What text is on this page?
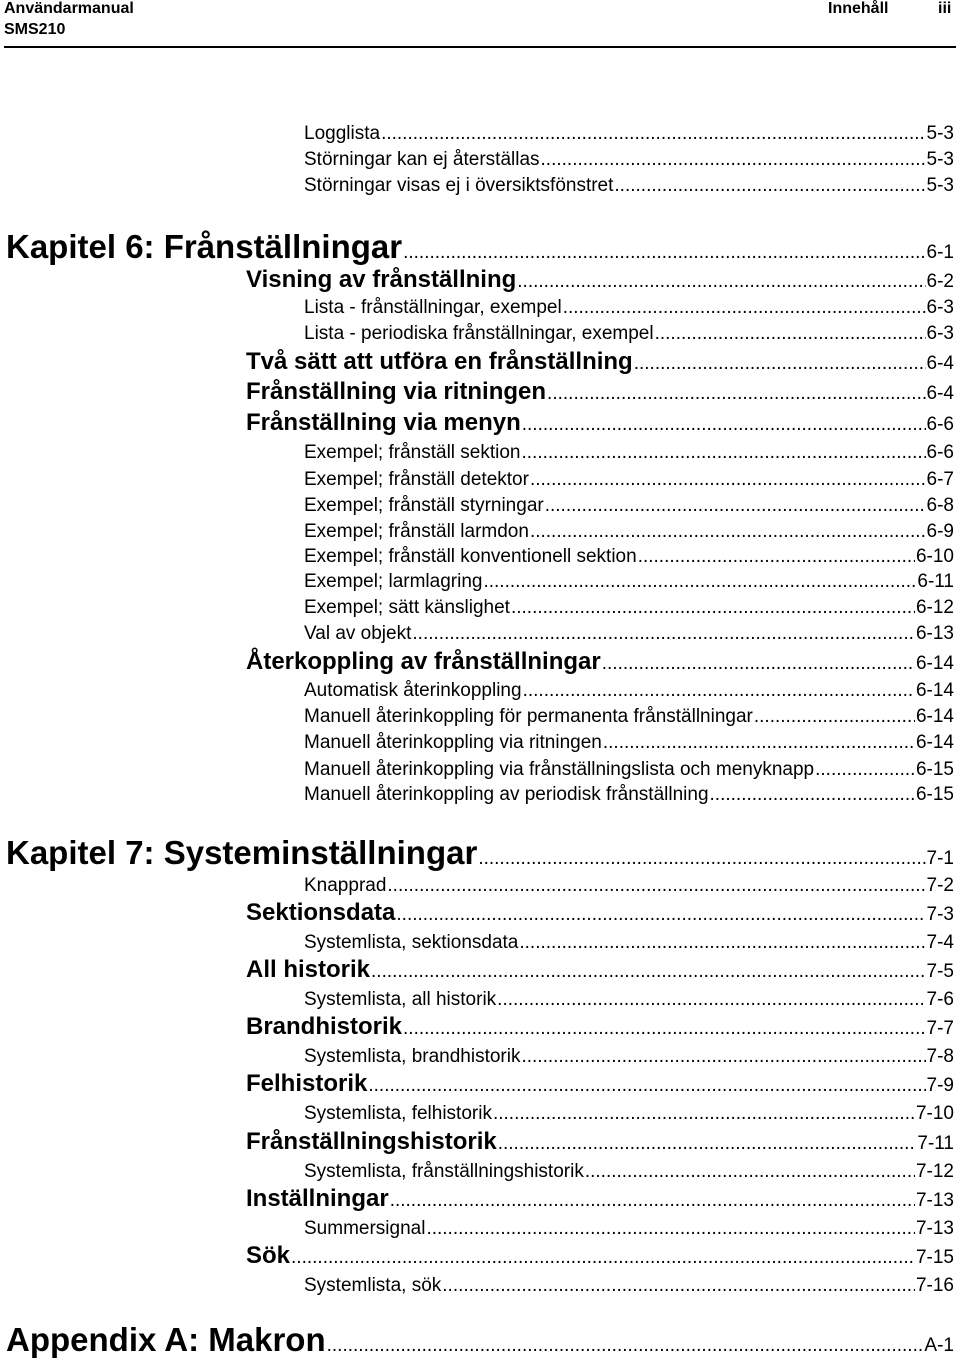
Användarmanual
SMS210
Innehåll	iii
Logglista .....	5-3
Störningar kan ej återställas .....	5-3
Störningar visas ej i översiktsfönstret .....	5-3
Kapitel 6: Frånställningar .....	6-1
Visning av frånställning .....	6-2
Lista - frånställningar, exempel .....	6-3
Lista - periodiska frånställningar, exempel .....	6-3
Två sätt att utföra en frånställning .....	6-4
Frånställning via ritningen .....	6-4
Frånställning via menyn .....	6-6
Exempel; frånställ sektion .....	6-6
Exempel; frånställ detektor .....	6-7
Exempel; frånställ styrningar .....	6-8
Exempel; frånställ larmdon .....	6-9
Exempel; frånställ konventionell sektion .....	6-10
Exempel; larmlagring .....	6-11
Exempel; sätt känslighet .....	6-12
Val av objekt .....	6-13
Återkoppling av frånställningar .....	6-14
Automatisk återinkoppling .....	6-14
Manuell återinkoppling för permanenta frånställningar .....	6-14
Manuell återinkoppling via ritningen .....	6-14
Manuell återinkoppling via frånställningslista och menyknapp .....	6-15
Manuell återinkoppling av periodisk frånställning .....	6-15
Kapitel 7: Systeminställningar .....	7-1
Knapprad .....	7-2
Sektionsdata .....	7-3
Systemlista, sektionsdata .....	7-4
All historik .....	7-5
Systemlista, all historik .....	7-6
Brandhistorik .....	7-7
Systemlista, brandhistorik .....	7-8
Felhistorik .....	7-9
Systemlista, felhistorik .....	7-10
Frånställningshistorik .....	7-11
Systemlista, frånställningshistorik .....	7-12
Inställningar .....	7-13
Summersignal .....	7-13
Sök .....	7-15
Systemlista, sök .....	7-16
Appendix A: Makron .....	A-1
